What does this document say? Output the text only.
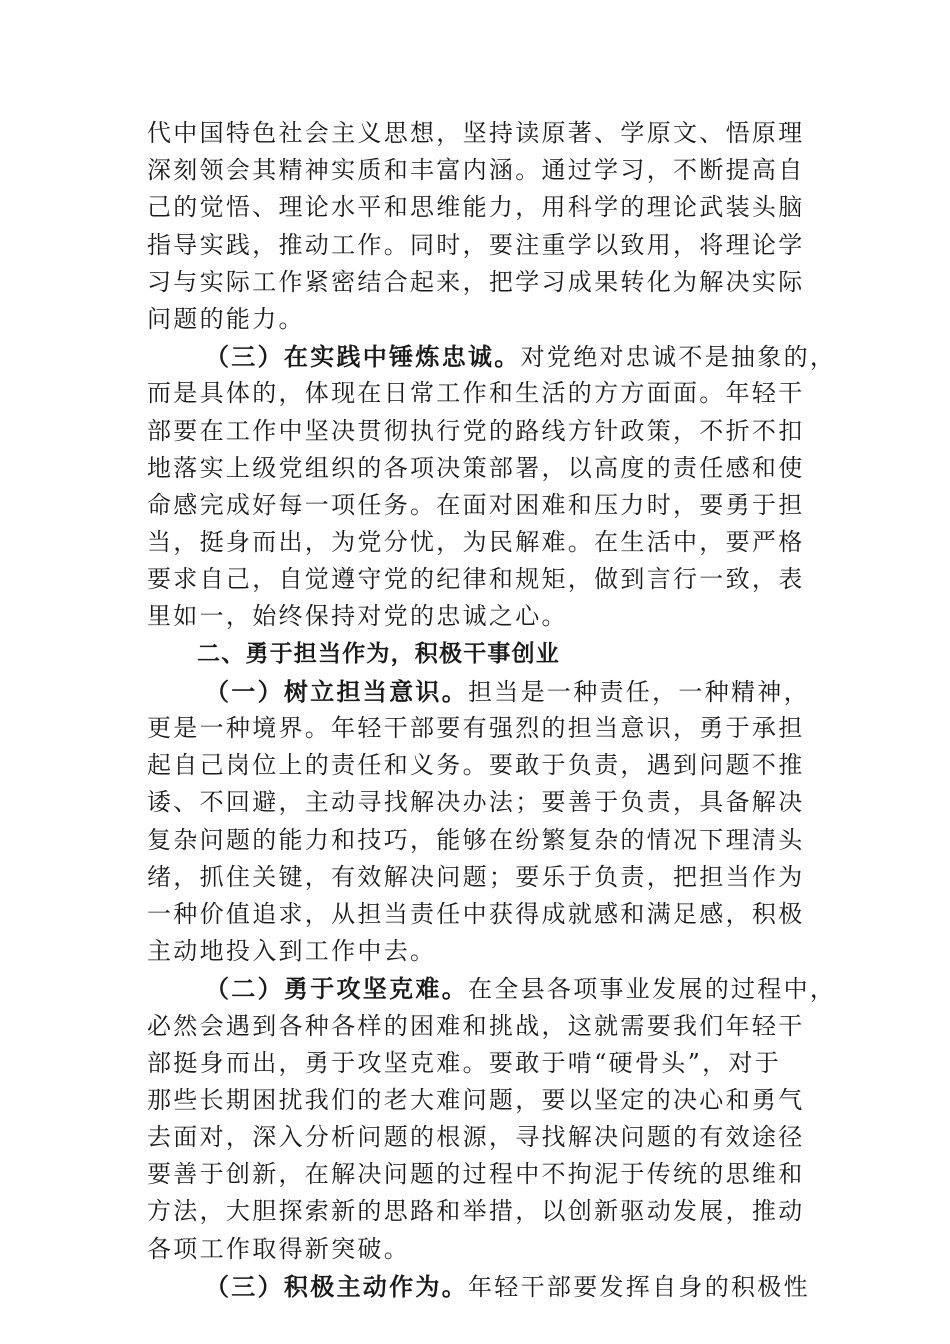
代中国特色社会主义思想，坚持读原著、学原文、悟原理
深刻领会其精神实质和丰富内涵。通过学习，不断提高自
己的觉悟、理论水平和思维能力，用科学的理论武装头脑
指导实践，推动工作。同时，要注重学以致用，将理论学
习与实际工作紧密结合起来，把学习成果转化为解决实际
问题的能力。
（三）在实践中锤炼忠诚。对党绝对忠诚不是抽象的，
而是具体的，体现在日常工作和生活的方方面面。年轻干
部要在工作中坚决贯彻执行党的路线方针政策，不折不扣
地落实上级党组织的各项决策部署，以高度的责任感和使
命感完成好每一项任务。在面对困难和压力时，要勇于担
当，挺身而出，为党分忧，为民解难。在生活中，要严格
要求自己，自觉遵守党的纪律和规矩，做到言行一致，表
里如一，始终保持对党的忠诚之心。
二、勇于担当作为，积极干事创业
（一）树立担当意识。担当是一种责任，一种精神，
更是一种境界。年轻干部要有强烈的担当意识，勇于承担
起自己岗位上的责任和义务。要敢于负责，遇到问题不推
诿、不回避，主动寻找解决办法；要善于负责，具备解决
复杂问题的能力和技巧，能够在纷繁复杂的情况下理清头
绪，抓住关键，有效解决问题；要乐于负责，把担当作为
一种价值追求，从担当责任中获得成就感和满足感，积极
主动地投入到工作中去。
（二）勇于攻坚克难。在全县各项事业发展的过程中，
必然会遇到各种各样的困难和挑战，这就需要我们年轻干
部挺身而出，勇于攻坚克难。要敢于啃“硬骨头”，对于
那些长期困扰我们的老大难问题，要以坚定的决心和勇气
去面对，深入分析问题的根源，寻找解决问题的有效途径
要善于创新，在解决问题的过程中不拘泥于传统的思维和
方法，大胆探索新的思路和举措，以创新驱动发展，推动
各项工作取得新突破。
（三）积极主动作为。年轻干部要发挥自身的积极性
